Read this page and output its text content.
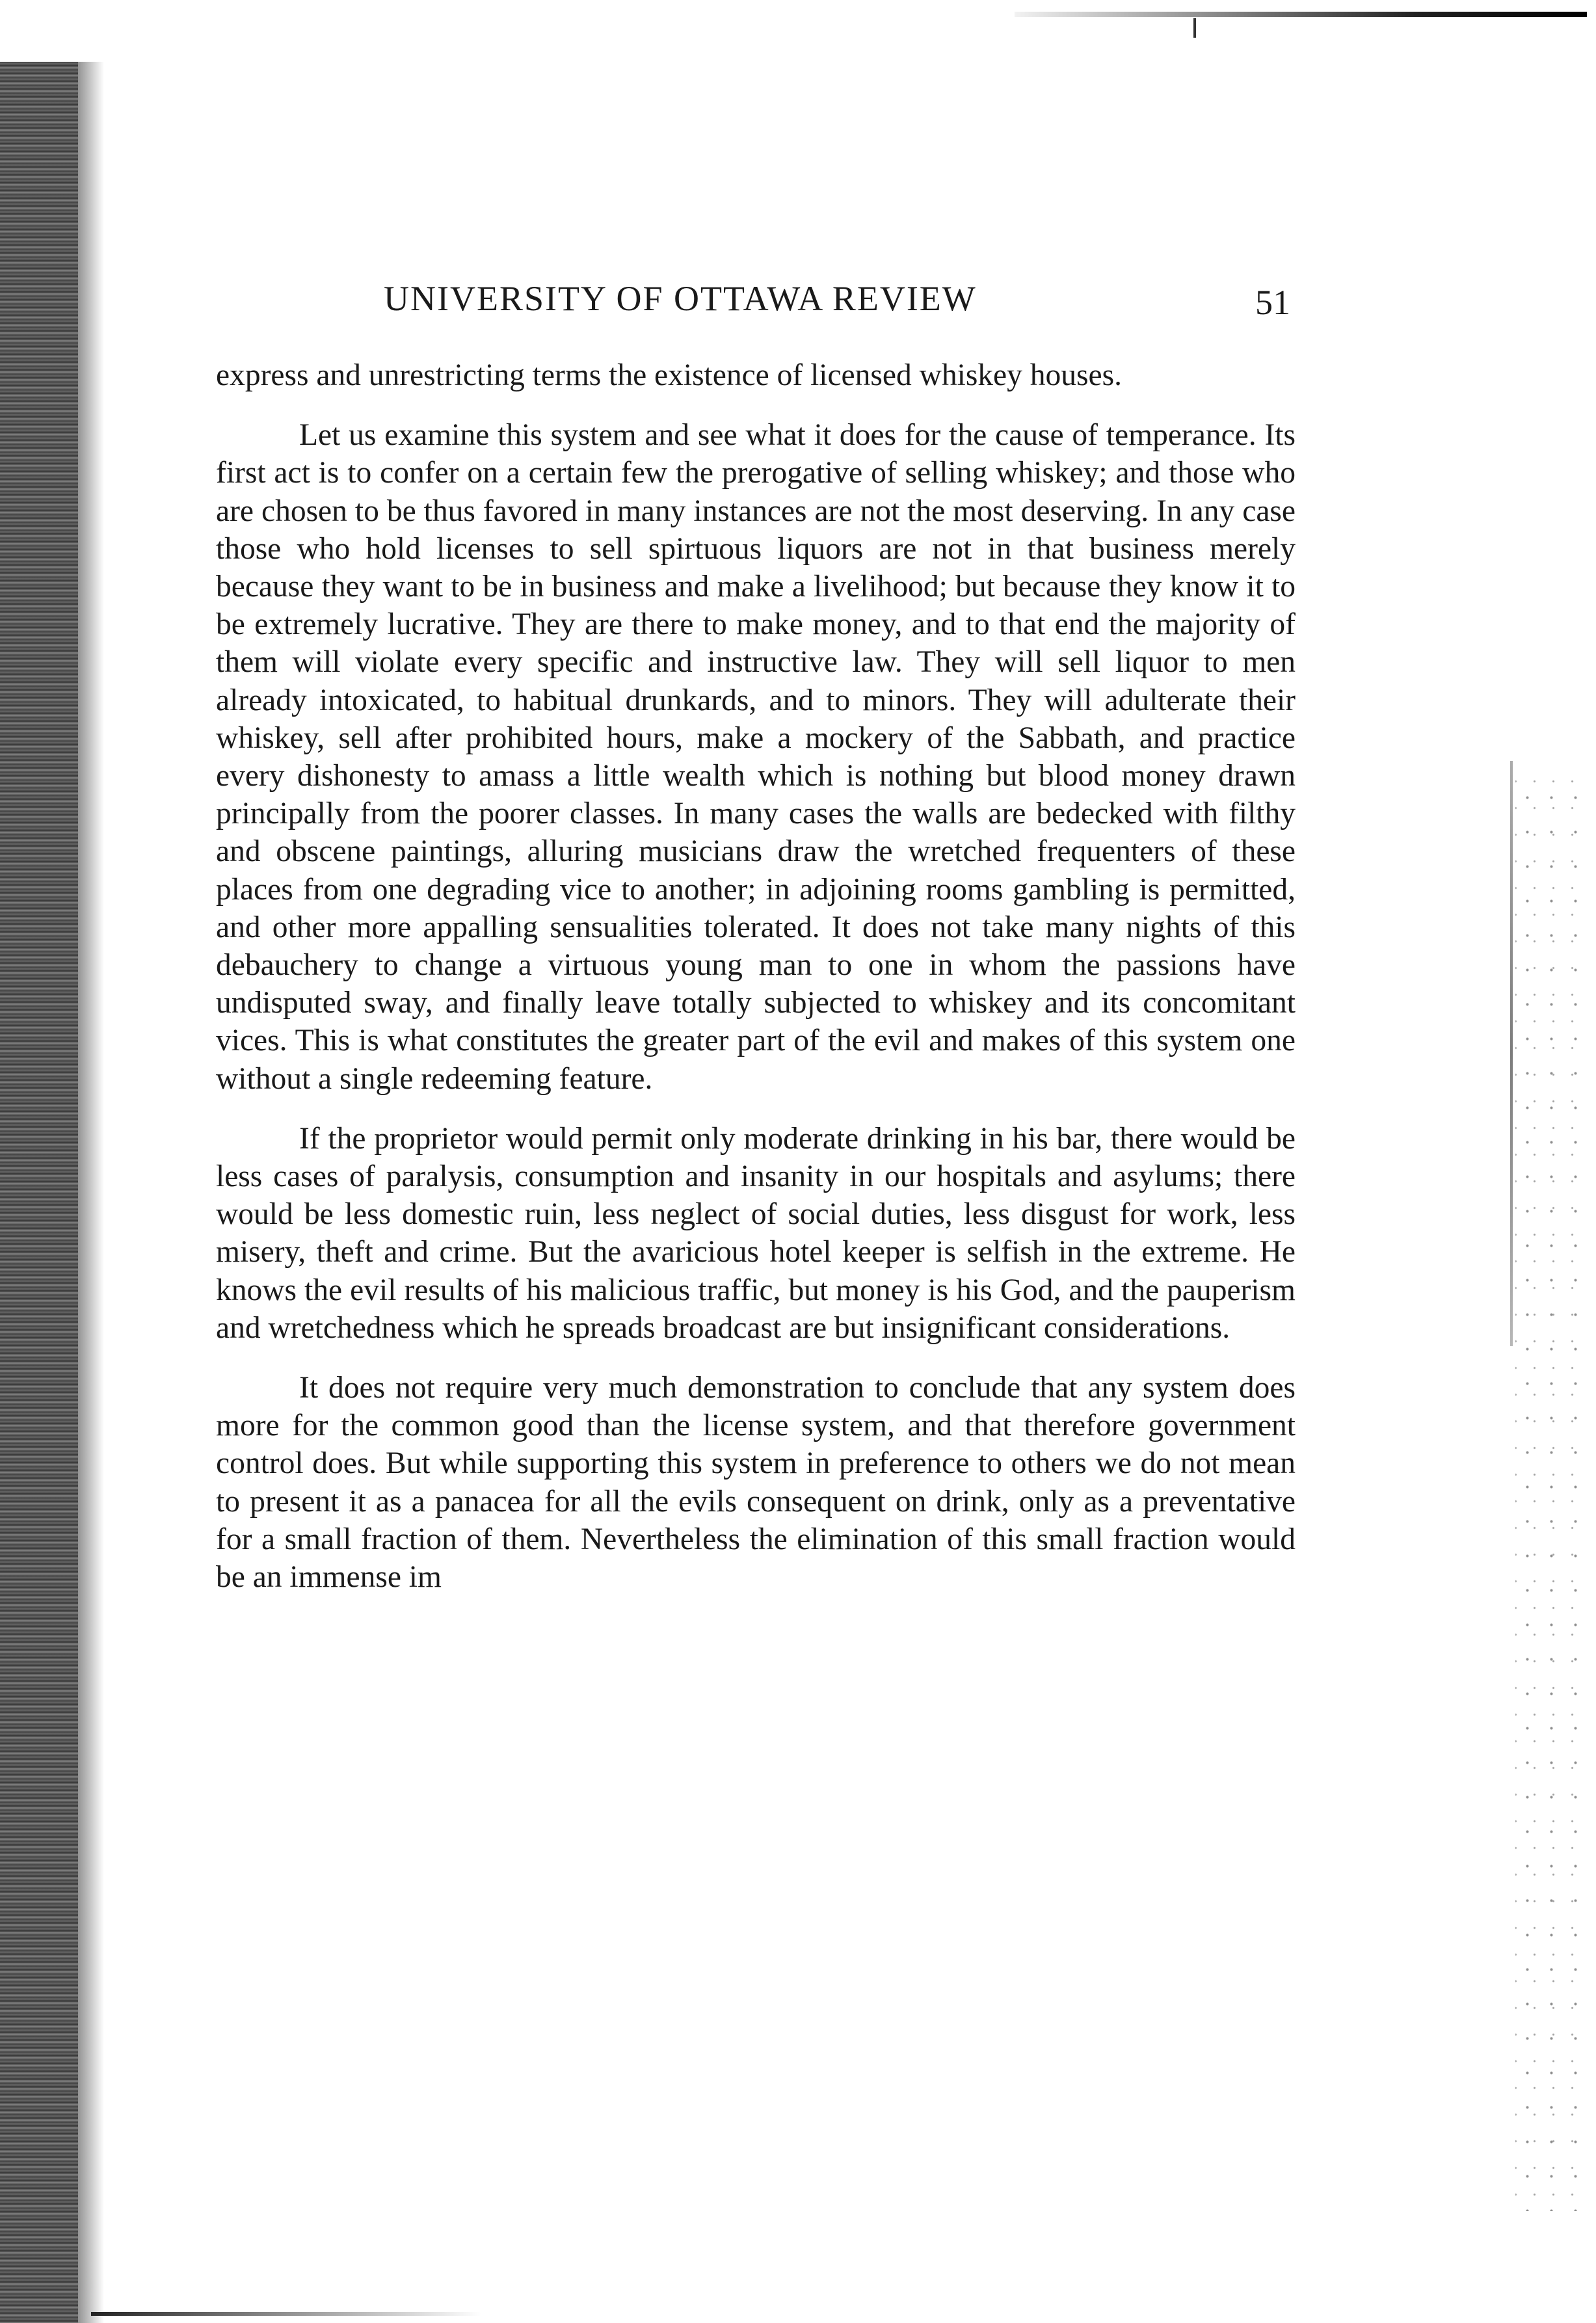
UNIVERSITY OF OTTAWA REVIEW	51

express and unrestricting terms the existence of licensed whiskey houses.

Let us examine this system and see what it does for the cause of temperance. Its first act is to confer on a certain few the prerogative of selling whiskey; and those who are chosen to be thus favored in many instances are not the most deserving. In any case those who hold licenses to sell spirtuous liquors are not in that business merely because they want to be in business and make a livelihood; but because they know it to be extremely lucrative. They are there to make money, and to that end the majority of them will violate every specific and instructive law. They will sell liquor to men already intoxicated, to habitual drunkards, and to minors. They will adulterate their whiskey, sell after prohibited hours, make a mockery of the Sabbath, and practice every dishonesty to amass a little wealth which is nothing but blood money drawn principally from the poorer classes. In many cases the walls are bedecked with filthy and obscene paintings, alluring musicians draw the wretched frequenters of these places from one degrading vice to another; in adjoining rooms gambling is permitted, and other more appalling sensualities tolerated. It does not take many nights of this debauchery to change a virtuous young man to one in whom the passions have undisputed sway, and finally leave totally subjected to whiskey and its concomitant vices. This is what constitutes the greater part of the evil and makes of this system one without a single redeeming feature.

If the proprietor would permit only moderate drinking in his bar, there would be less cases of paralysis, consumption and insanity in our hospitals and asylums; there would be less domestic ruin, less neglect of social duties, less disgust for work, less misery, theft and crime. But the avaricious hotel keeper is selfish in the extreme. He knows the evil results of his malicious traffic, but money is his God, and the pauperism and wretchedness which he spreads broadcast are but insignificant considerations.

It does not require very much demonstration to conclude that any system does more for the common good than the license system, and that therefore government control does. But while supporting this system in preference to others we do not mean to present it as a panacea for all the evils consequent on drink, only as a preventative for a small fraction of them. Nevertheless the elimination of this small fraction would be an immense im
